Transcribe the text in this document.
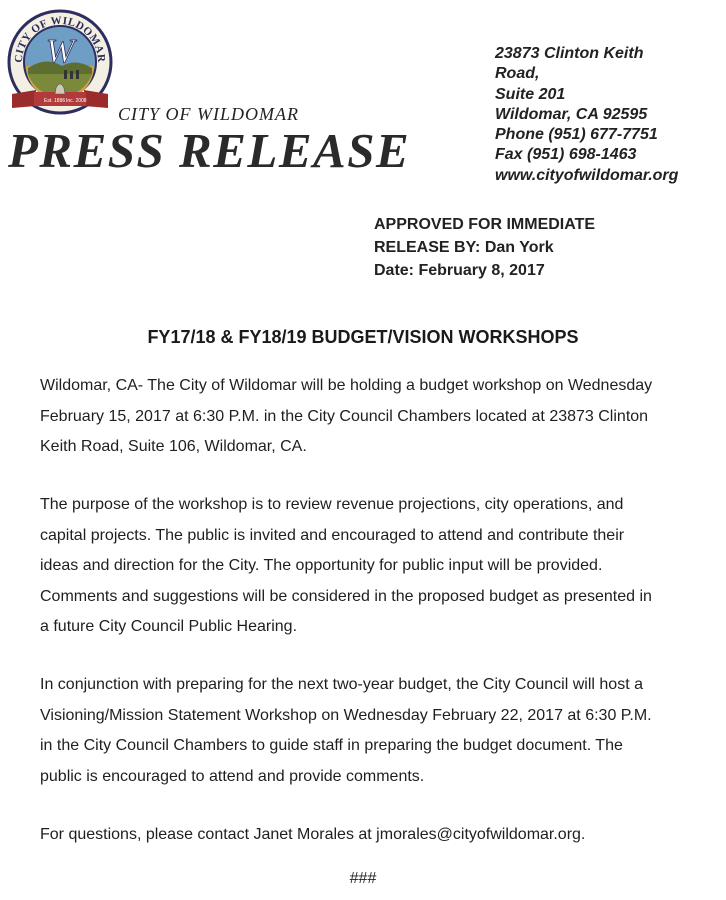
W
Est. 1886 Inc. 2008
CITY OF WILDOMAR
CITY OF WILDOMAR
PRESS RELEASE
23873 Clinton Keith
Road,
Suite 201
Wildomar, CA 92595
Phone (951) 677-7751
Fax (951) 698-1463
www.cityofwildomar.org
APPROVED FOR IMMEDIATE
RELEASE BY: Dan York
Date: February 8, 2017
FY17/18 & FY18/19 BUDGET/VISION WORKSHOPS
Wildomar, CA- The City of Wildomar will be holding a budget workshop on Wednesday
February 15, 2017 at 6:30 P.M. in the City Council Chambers located at 23873 Clinton
Keith Road, Suite 106, Wildomar, CA.
The purpose of the workshop is to review revenue projections, city operations, and
capital projects. The public is invited and encouraged to attend and contribute their
ideas and direction for the City. The opportunity for public input will be provided.
Comments and suggestions will be considered in the proposed budget as presented in
a future City Council Public Hearing.
In conjunction with preparing for the next two-year budget, the City Council will host a
Visioning/Mission Statement Workshop on Wednesday February 22, 2017 at 6:30 P.M.
in the City Council Chambers to guide staff in preparing the budget document. The
public is encouraged to attend and provide comments.
For questions, please contact Janet Morales at jmorales@cityofwildomar.org.
###
